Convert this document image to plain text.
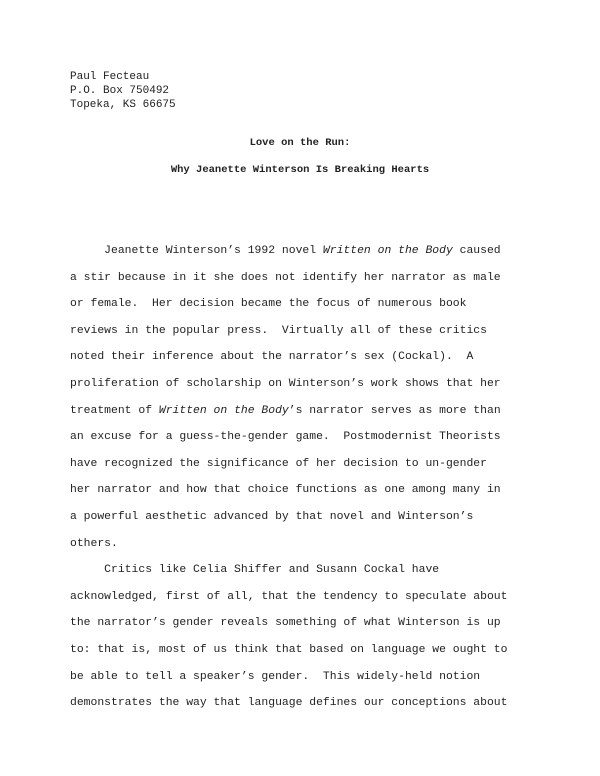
Paul Fecteau
P.O. Box 750492
Topeka, KS 66675
Love on the Run:
Why Jeanette Winterson Is Breaking Hearts
Jeanette Winterson’s 1992 novel Written on the Body caused
a stir because in it she does not identify her narrator as male
or female.  Her decision became the focus of numerous book
reviews in the popular press.  Virtually all of these critics
noted their inference about the narrator’s sex (Cockal).  A
proliferation of scholarship on Winterson’s work shows that her
treatment of Written on the Body’s narrator serves as more than
an excuse for a guess-the-gender game.  Postmodernist Theorists
have recognized the significance of her decision to un-gender
her narrator and how that choice functions as one among many in
a powerful aesthetic advanced by that novel and Winterson’s
others.
Critics like Celia Shiffer and Susann Cockal have
acknowledged, first of all, that the tendency to speculate about
the narrator’s gender reveals something of what Winterson is up
to: that is, most of us think that based on language we ought to
be able to tell a speaker’s gender.  This widely-held notion
demonstrates the way that language defines our conceptions about
